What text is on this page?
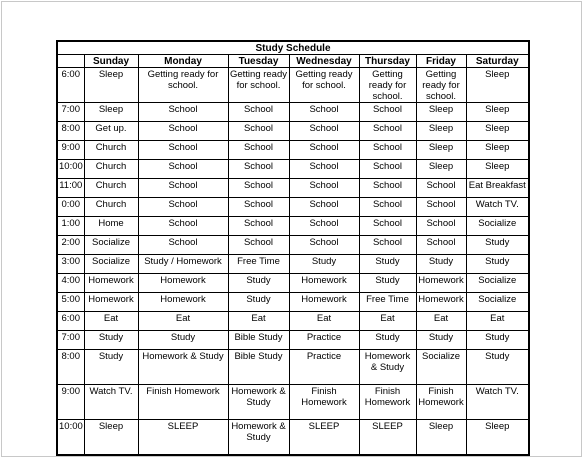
Study Schedule							
	Sunday	Monday	Tuesday	Wednesday	Thursday	Friday	Saturday
6:00	Sleep	Getting ready for school.	Getting ready for school.	Getting ready for school.	Getting ready for school.	Getting ready for school.	Sleep
7:00	Sleep	School	School	School	School	Sleep	Sleep
8:00	Get up.	School	School	School	School	Sleep	Sleep
9:00	Church	School	School	School	School	Sleep	Sleep
10:00	Church	School	School	School	School	Sleep	Sleep
11:00	Church	School	School	School	School	School	Eat Breakfast
0:00	Church	School	School	School	School	School	Watch TV.
1:00	Home	School	School	School	School	School	Socialize
2:00	Socialize	School	School	School	School	School	Study
3:00	Socialize	Study / Homework	Free Time	Study	Study	Study	Study
4:00	Homework	Homework	Study	Homework	Study	Homework	Socialize
5:00	Homework	Homework	Study	Homework	Free Time	Homework	Socialize
6:00	Eat	Eat	Eat	Eat	Eat	Eat	Eat
7:00	Study	Study	Bible Study	Practice	Study	Study	Study
8:00	Study	Homework & Study	Bible Study	Practice	Homework & Study	Socialize	Study
9:00	Watch TV.	Finish Homework	Homework & Study	Finish Homework	Finish Homework	Finish Homework	Watch TV.
10:00	Sleep	SLEEP	Homework & Study	SLEEP	SLEEP	Sleep	Sleep
